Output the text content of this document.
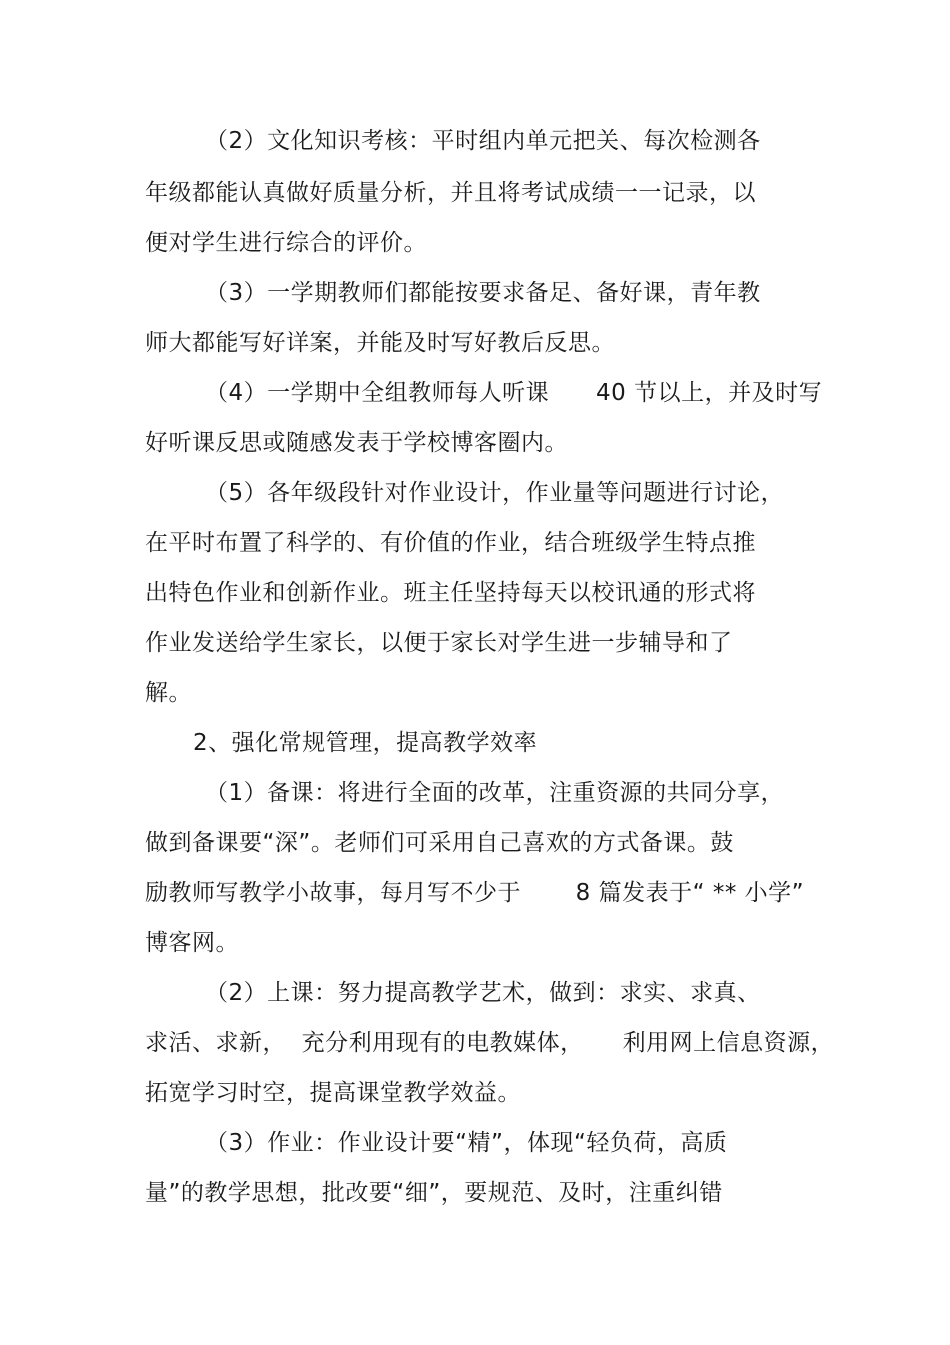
（2）文化知识考核：平时组内单元把关、每次检测各
年级都能认真做好质量分析，并且将考试成绩一一记录，以
便对学生进行综合的评价。
（3）一学期教师们都能按要求备足、备好课，青年教
师大都能写好详案，并能及时写好教后反思。
（4）一学期中全组教师每人听课      40 节以上，并及时写
好听课反思或随感发表于学校博客圈内。
（5）各年级段针对作业设计，作业量等问题进行讨论，
在平时布置了科学的、有价值的作业，结合班级学生特点推
出特色作业和创新作业。班主任坚持每天以校讯通的形式将
作业发送给学生家长，以便于家长对学生进一步辅导和了
解。
2、强化常规管理，提高教学效率
（1）备课：将进行全面的改革，注重资源的共同分享，
做到备课要“深”。老师们可采用自己喜欢的方式备课。鼓
励教师写教学小故事，每月写不少于       8 篇发表于“ ** 小学”
博客网。
（2）上课：努力提高教学艺术，做到：求实、求真、
求活、求新，  充分利用现有的电教媒体，     利用网上信息资源，
拓宽学习时空，提高课堂教学效益。
（3）作业：作业设计要“精”，体现“轻负荷，高质
量”的教学思想，批改要“细”，要规范、及时，注重纠错
